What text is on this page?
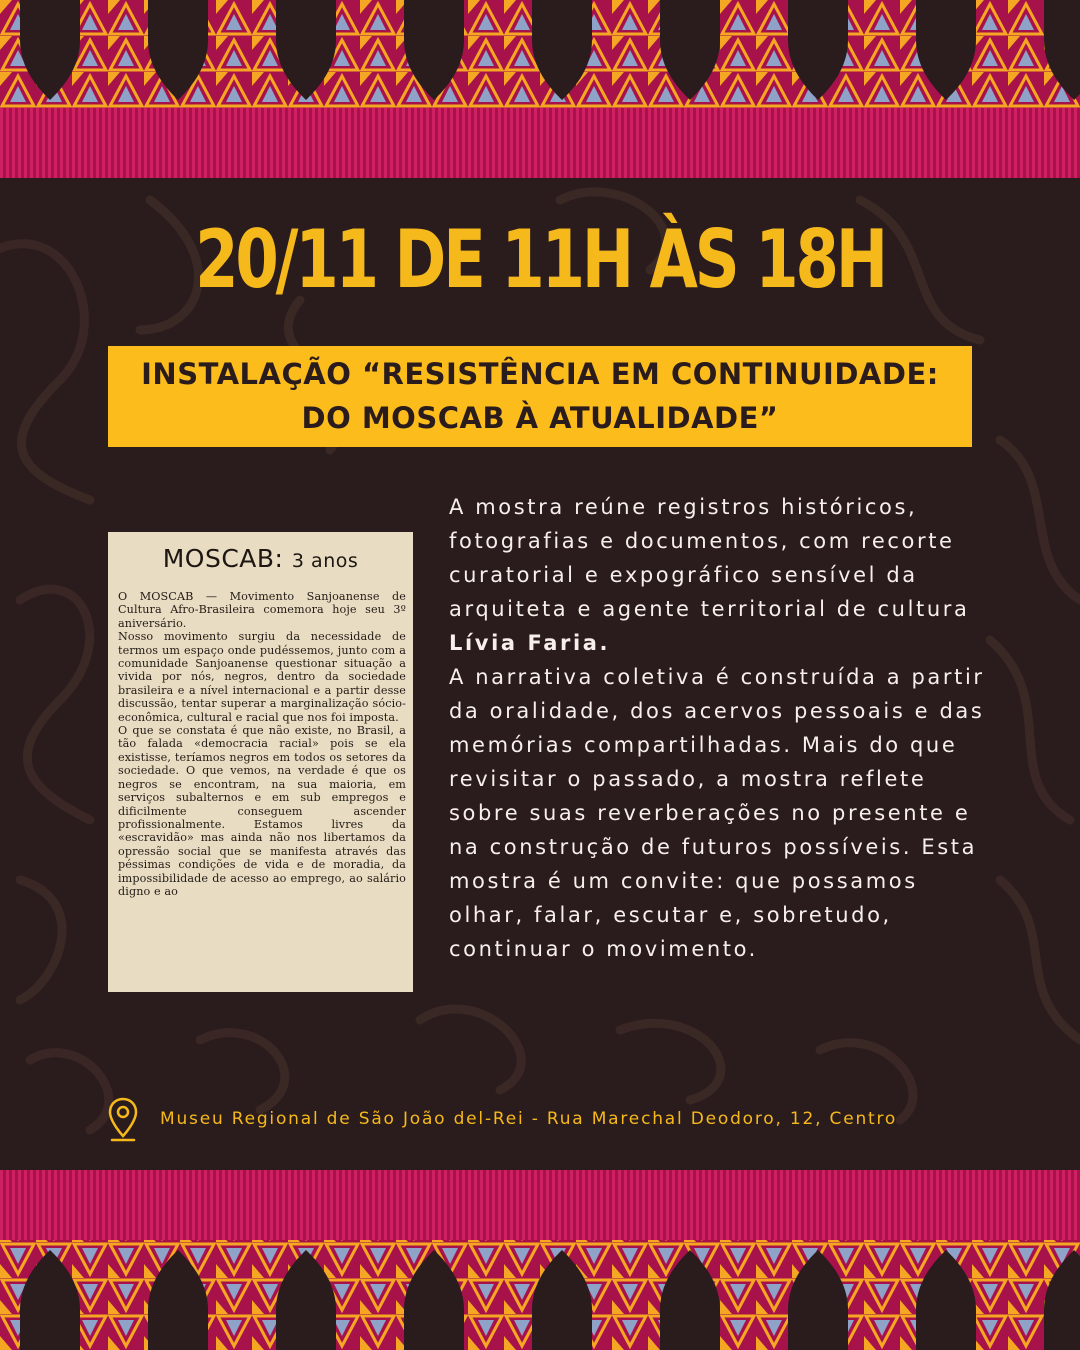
20/11 DE 11H ÀS 18H
INSTALAÇÃO “RESISTÊNCIA EM CONTINUIDADE:
DO MOSCAB À ATUALIDADE”
MOSCAB: 3 anos
O MOSCAB — Movimento Sanjoanense de Cultura Afro-Brasileira comemora hoje seu 3º aniversário.
Nosso movimento surgiu da necessidade de termos um espaço onde pudéssemos, junto com a comunidade Sanjoanense questionar situação a vivida por nós, negros, dentro da sociedade brasileira e a nível internacional e a partir desse discussão, tentar superar a marginalização sócio-econômica, cultural e racial que nos foi imposta.
O que se constata é que não existe, no Brasil, a tão falada «democracia racial» pois se ela existisse, teríamos negros em todos os setores da sociedade. O que vemos, na verdade é que os negros se encontram, na sua maioria, em serviços subalternos e em sub empregos e dificilmente conseguem ascender profissionalmente. Estamos livres da «escravidão» mas ainda não nos libertamos da opressão social que se manifesta através das péssimas condições de vida e de moradia, da impossibilidade de acesso ao emprego, ao salário digno e ao
A mostra reúne registros históricos, fotografias e documentos, com recorte curatorial e expográfico sensível da arquiteta e agente territorial de cultura Lívia Faria.
A narrativa coletiva é construída a partir da oralidade, dos acervos pessoais e das memórias compartilhadas. Mais do que revisitar o passado, a mostra reflete sobre suas reverberações no presente e na construção de futuros possíveis. Esta mostra é um convite: que possamos olhar, falar, escutar e, sobretudo, continuar o movimento.
Museu Regional de São João del-Rei - Rua Marechal Deodoro, 12, Centro
